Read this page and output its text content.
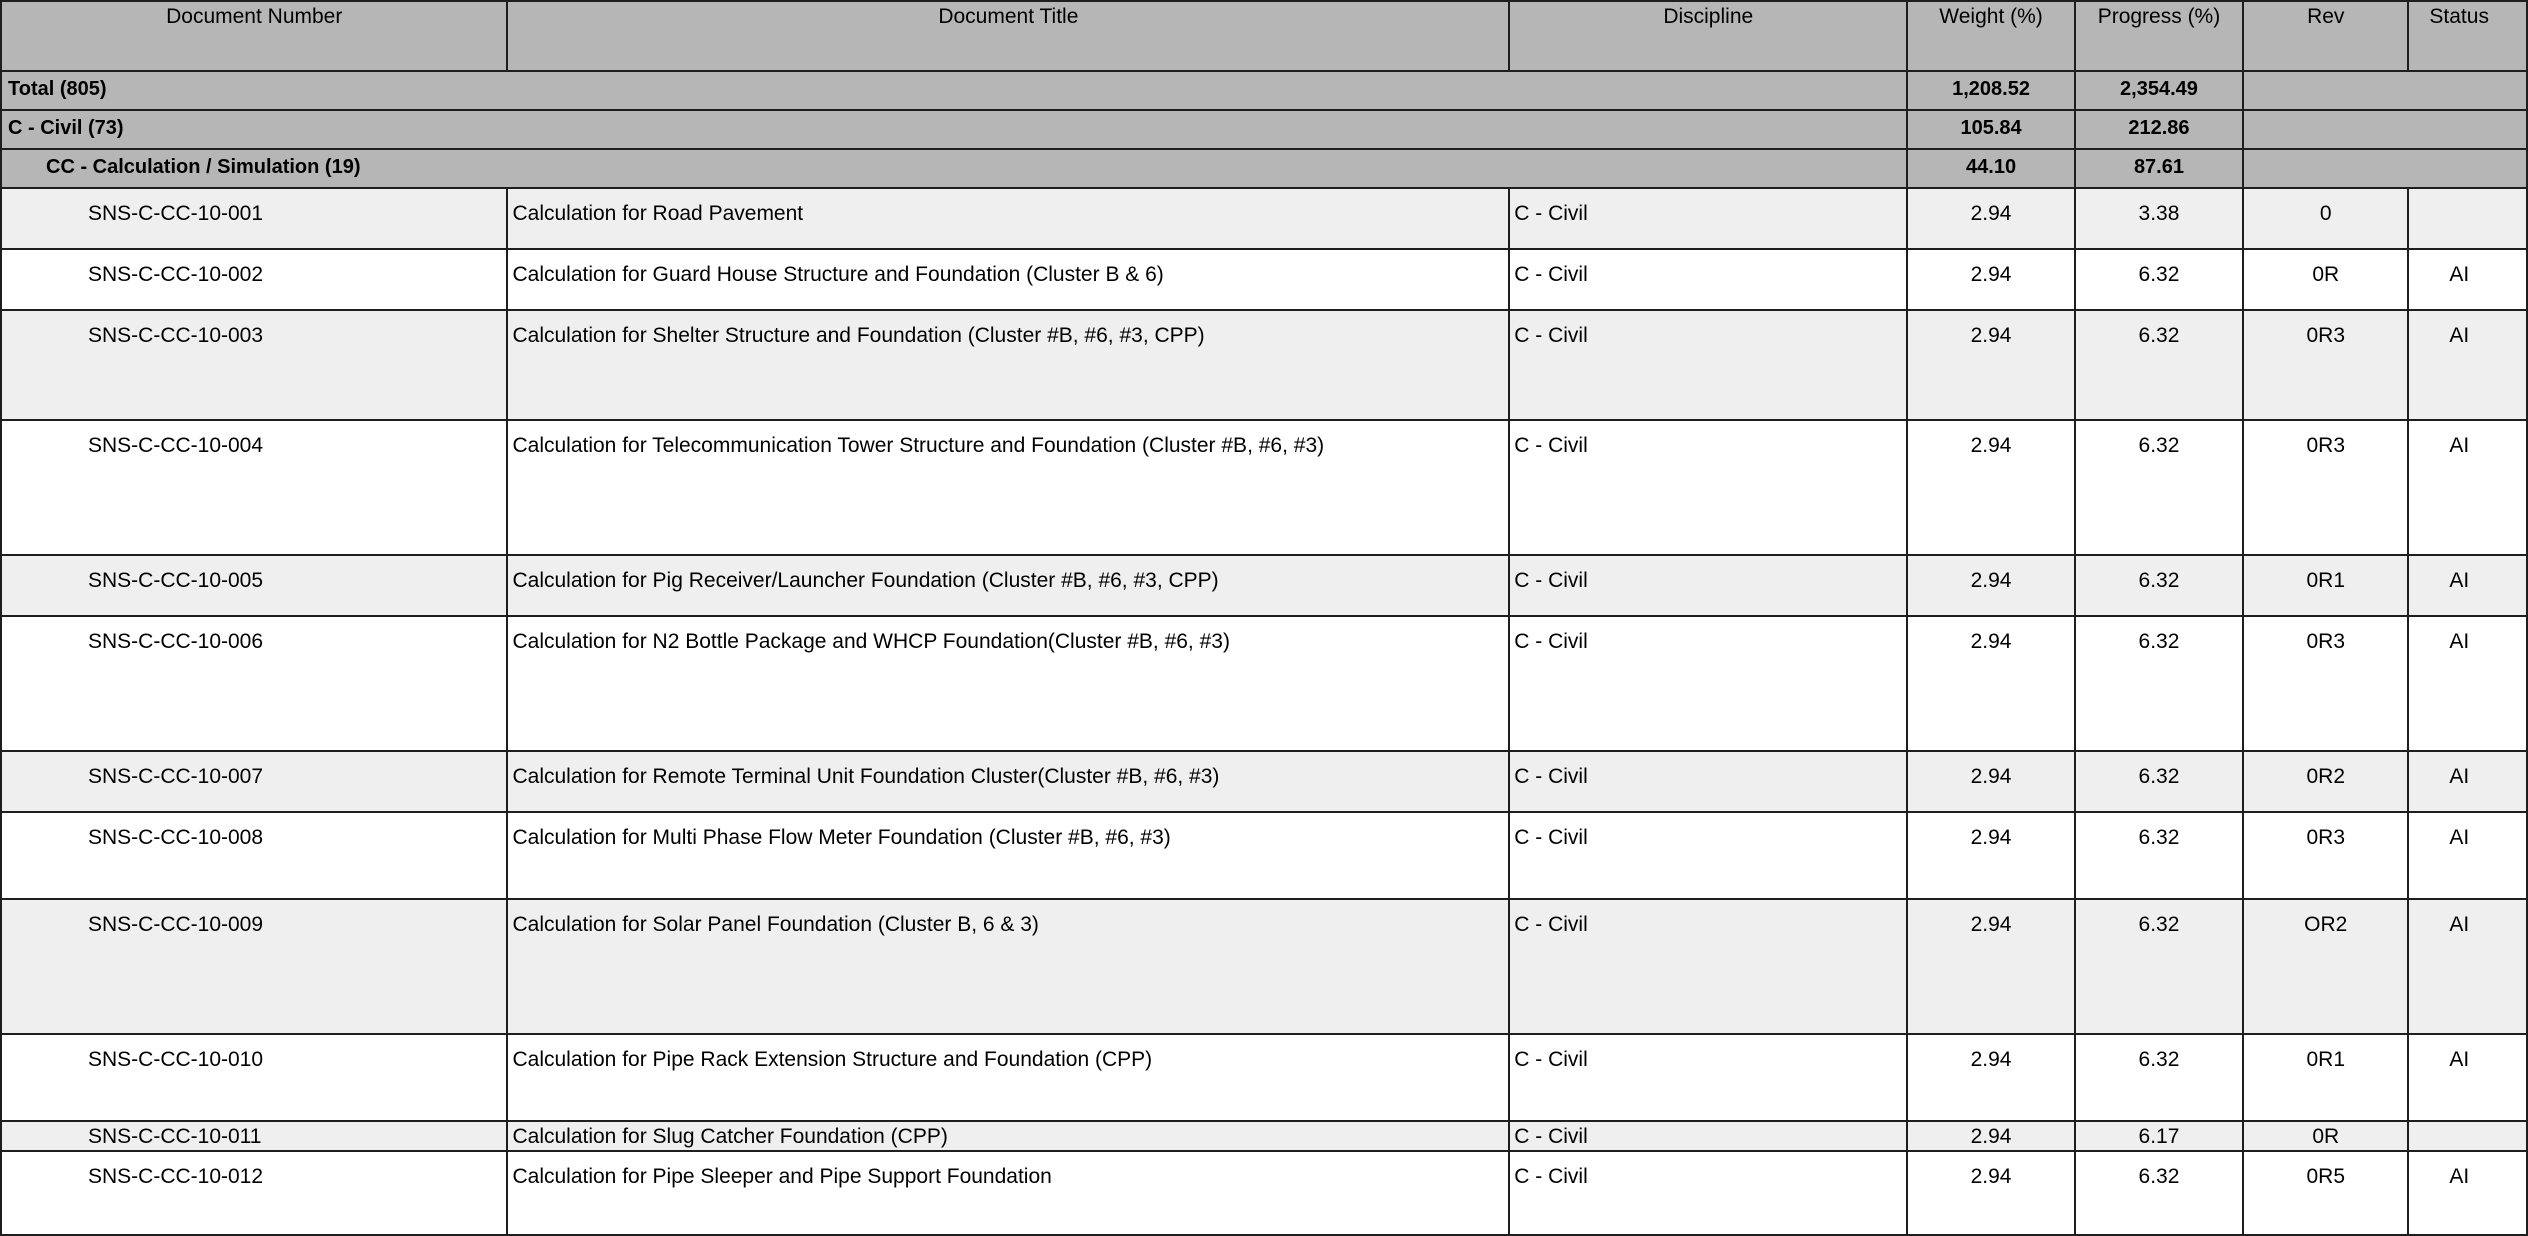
Document Number	Document Title	Discipline	Weight (%)	Progress (%)	Rev	Status
Total (805)			1,208.52	2,354.49		
C - Civil (73)			105.84	212.86		
CC - Calculation / Simulation (19)			44.10	87.61		
SNS-C-CC-10-001	Calculation for Road Pavement	C - Civil	2.94	3.38	0	
SNS-C-CC-10-002	Calculation for Guard House Structure and Foundation (Cluster B & 6)	C - Civil	2.94	6.32	0R	AI
SNS-C-CC-10-003	Calculation for Shelter Structure and Foundation (Cluster #B, #6, #3, CPP)	C - Civil	2.94	6.32	0R3	AI
SNS-C-CC-10-004	Calculation for Telecommunication Tower Structure and Foundation (Cluster #B, #6, #3)	C - Civil	2.94	6.32	0R3	AI
SNS-C-CC-10-005	Calculation for Pig Receiver/Launcher Foundation (Cluster #B, #6, #3, CPP)	C - Civil	2.94	6.32	0R1	AI
SNS-C-CC-10-006	Calculation for N2 Bottle Package and WHCP Foundation(Cluster #B, #6, #3)	C - Civil	2.94	6.32	0R3	AI
SNS-C-CC-10-007	Calculation for Remote Terminal Unit Foundation Cluster(Cluster #B, #6, #3)	C - Civil	2.94	6.32	0R2	AI
SNS-C-CC-10-008	Calculation for Multi Phase Flow Meter Foundation (Cluster #B, #6, #3)	C - Civil	2.94	6.32	0R3	AI
SNS-C-CC-10-009	Calculation for Solar Panel Foundation (Cluster B, 6 & 3)	C - Civil	2.94	6.32	OR2	AI
SNS-C-CC-10-010	Calculation for Pipe Rack Extension Structure and Foundation (CPP)	C - Civil	2.94	6.32	0R1	AI
SNS-C-CC-10-011	Calculation for Slug Catcher Foundation (CPP)	C - Civil	2.94	6.17	0R	
SNS-C-CC-10-012	Calculation for Pipe Sleeper and Pipe Support Foundation	C - Civil	2.94	6.32	0R5	AI
